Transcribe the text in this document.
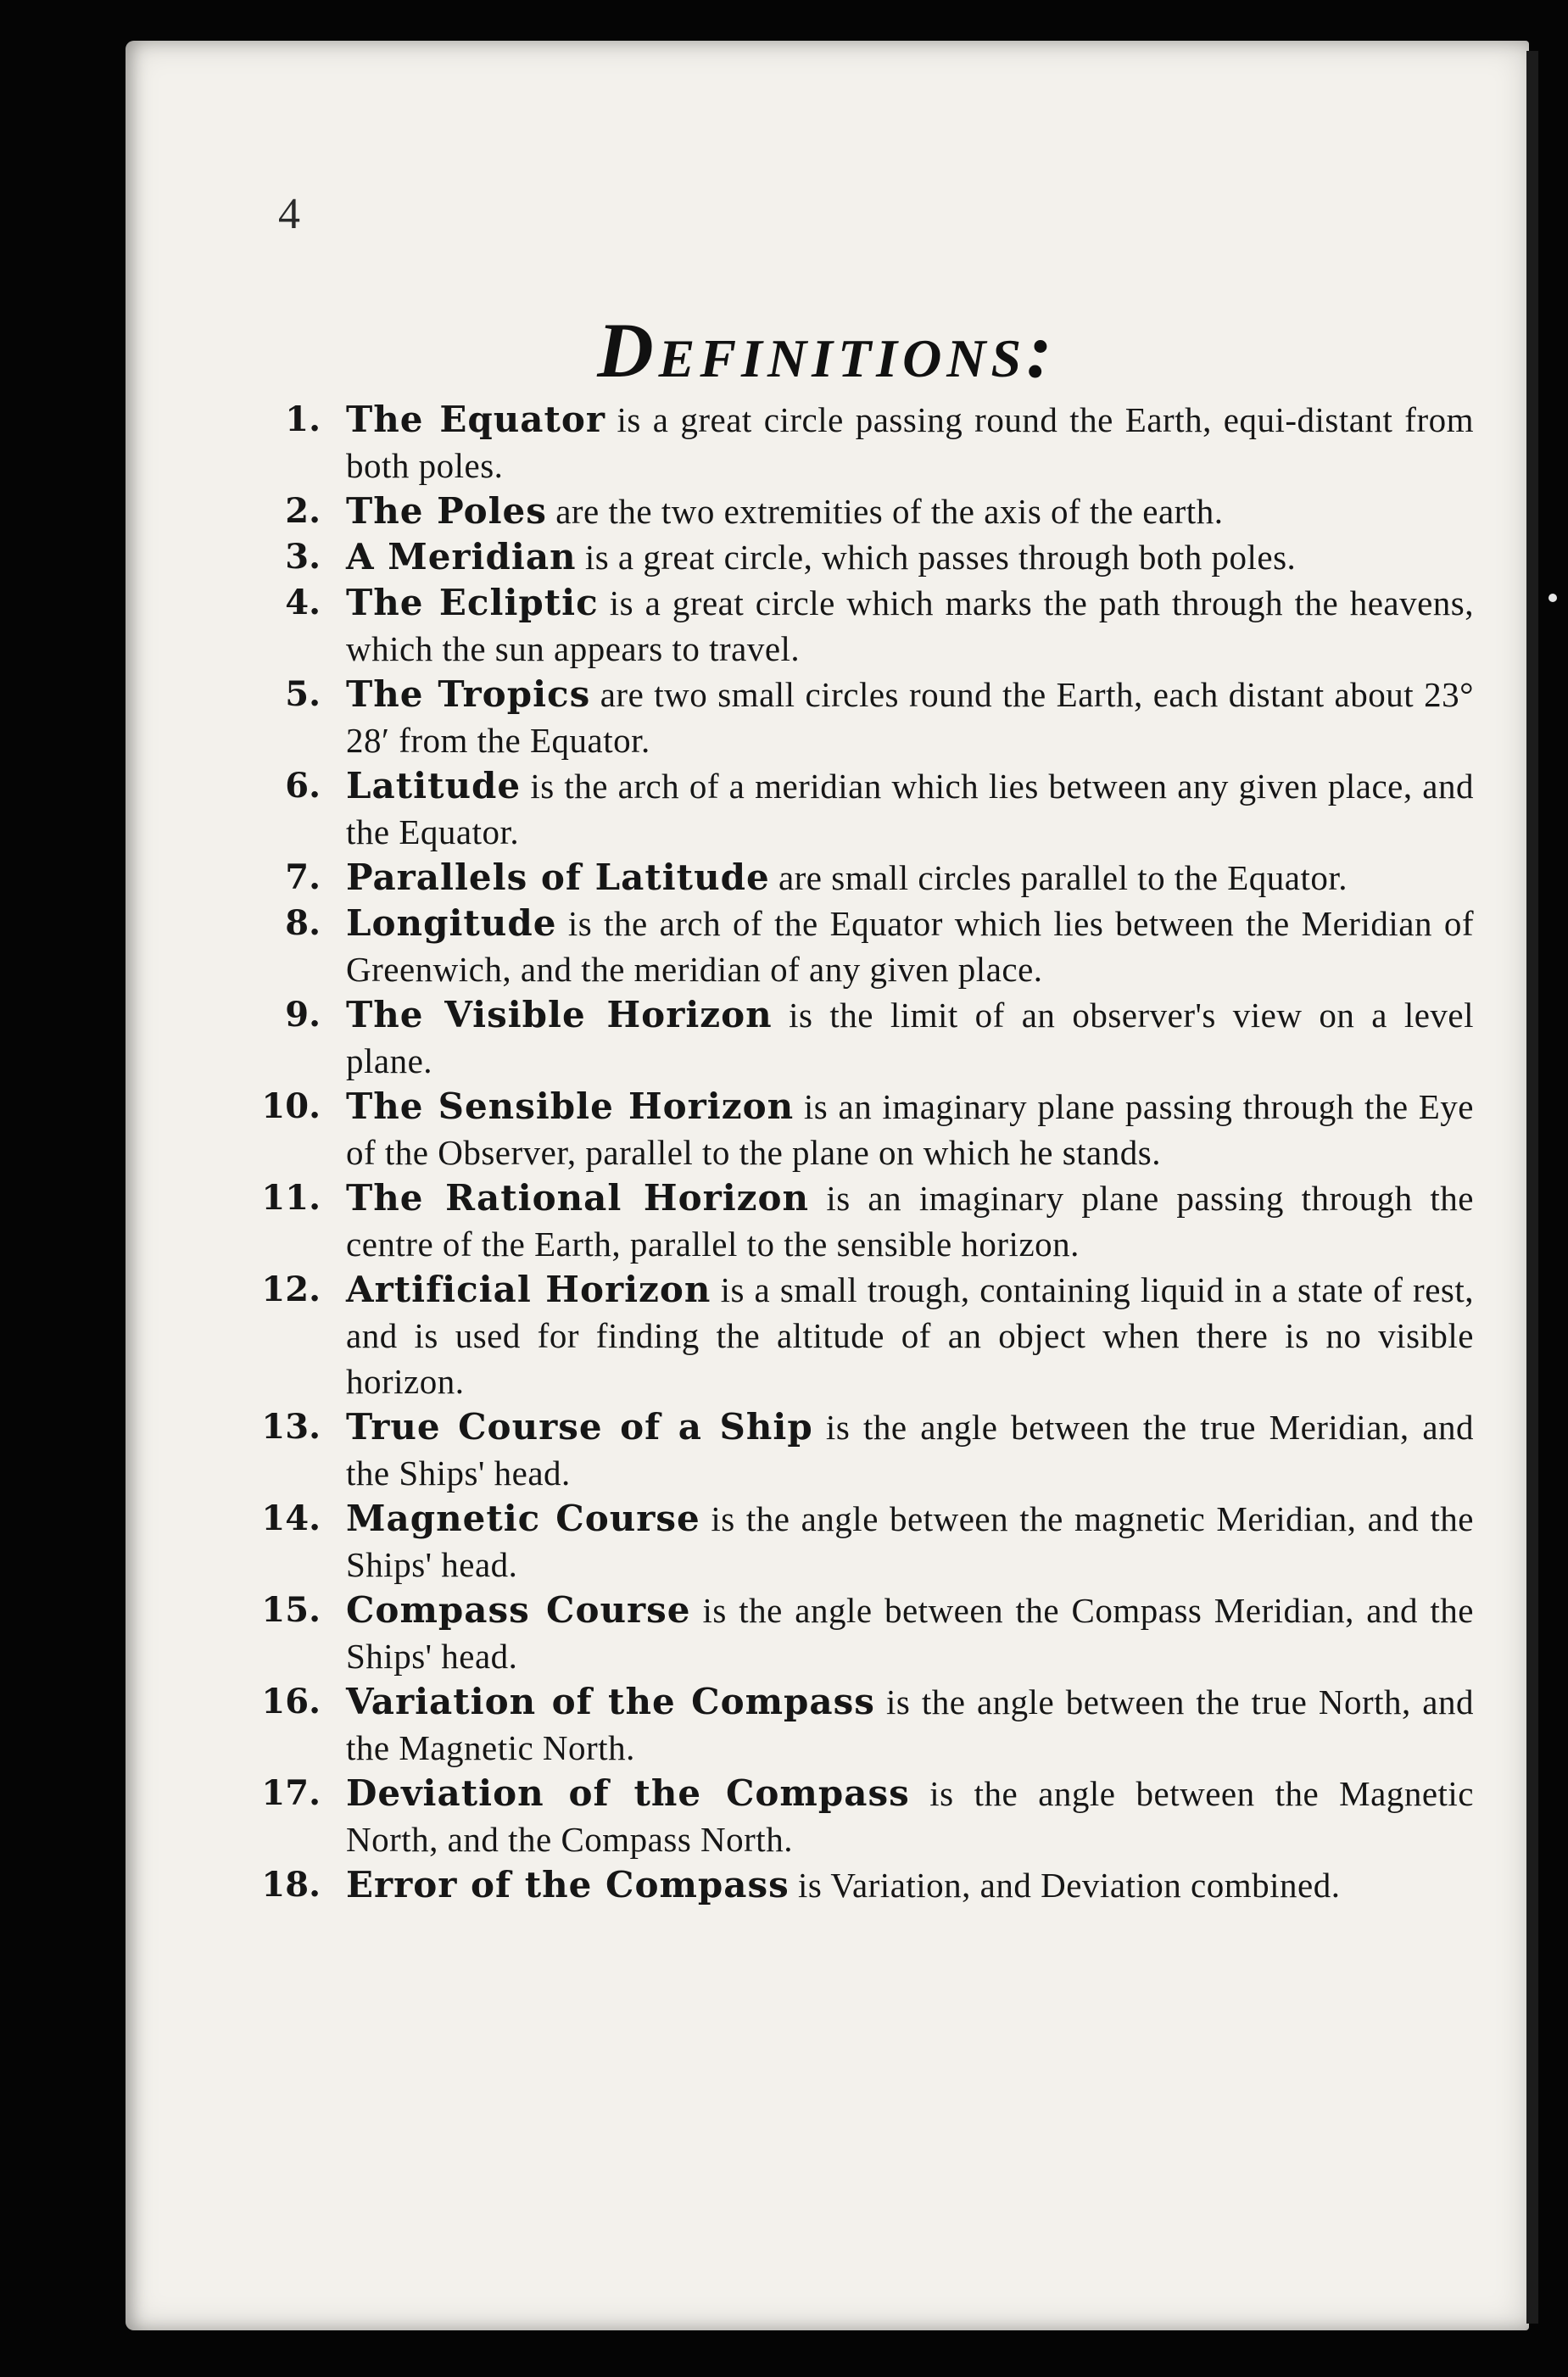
4
Definitions:
1. The Equator is a great circle passing round the Earth, equi-distant from both poles.
2. The Poles are the two extremities of the axis of the earth.
3. A Meridian is a great circle, which passes through both poles.
4. The Ecliptic is a great circle which marks the path through the heavens, which the sun appears to travel.
5. The Tropics are two small circles round the Earth, each distant about 23° 28′ from the Equator.
6. Latitude is the arch of a meridian which lies between any given place, and the Equator.
7. Parallels of Latitude are small circles parallel to the Equator.
8. Longitude is the arch of the Equator which lies between the Meridian of Greenwich, and the meridian of any given place.
9. The Visible Horizon is the limit of an observer's view on a level plane.
10. The Sensible Horizon is an imaginary plane passing through the Eye of the Observer, parallel to the plane on which he stands.
11. The Rational Horizon is an imaginary plane passing through the centre of the Earth, parallel to the sensible horizon.
12. Artificial Horizon is a small trough, containing liquid in a state of rest, and is used for finding the altitude of an object when there is no visible horizon.
13. True Course of a Ship is the angle between the true Meridian, and the Ships' head.
14. Magnetic Course is the angle between the magnetic Meridian, and the Ships' head.
15. Compass Course is the angle between the Compass Meridian, and the Ships' head.
16. Variation of the Compass is the angle between the true North, and the Magnetic North.
17. Deviation of the Compass is the angle between the Magnetic North, and the Compass North.
18. Error of the Compass is Variation, and Deviation combined.
